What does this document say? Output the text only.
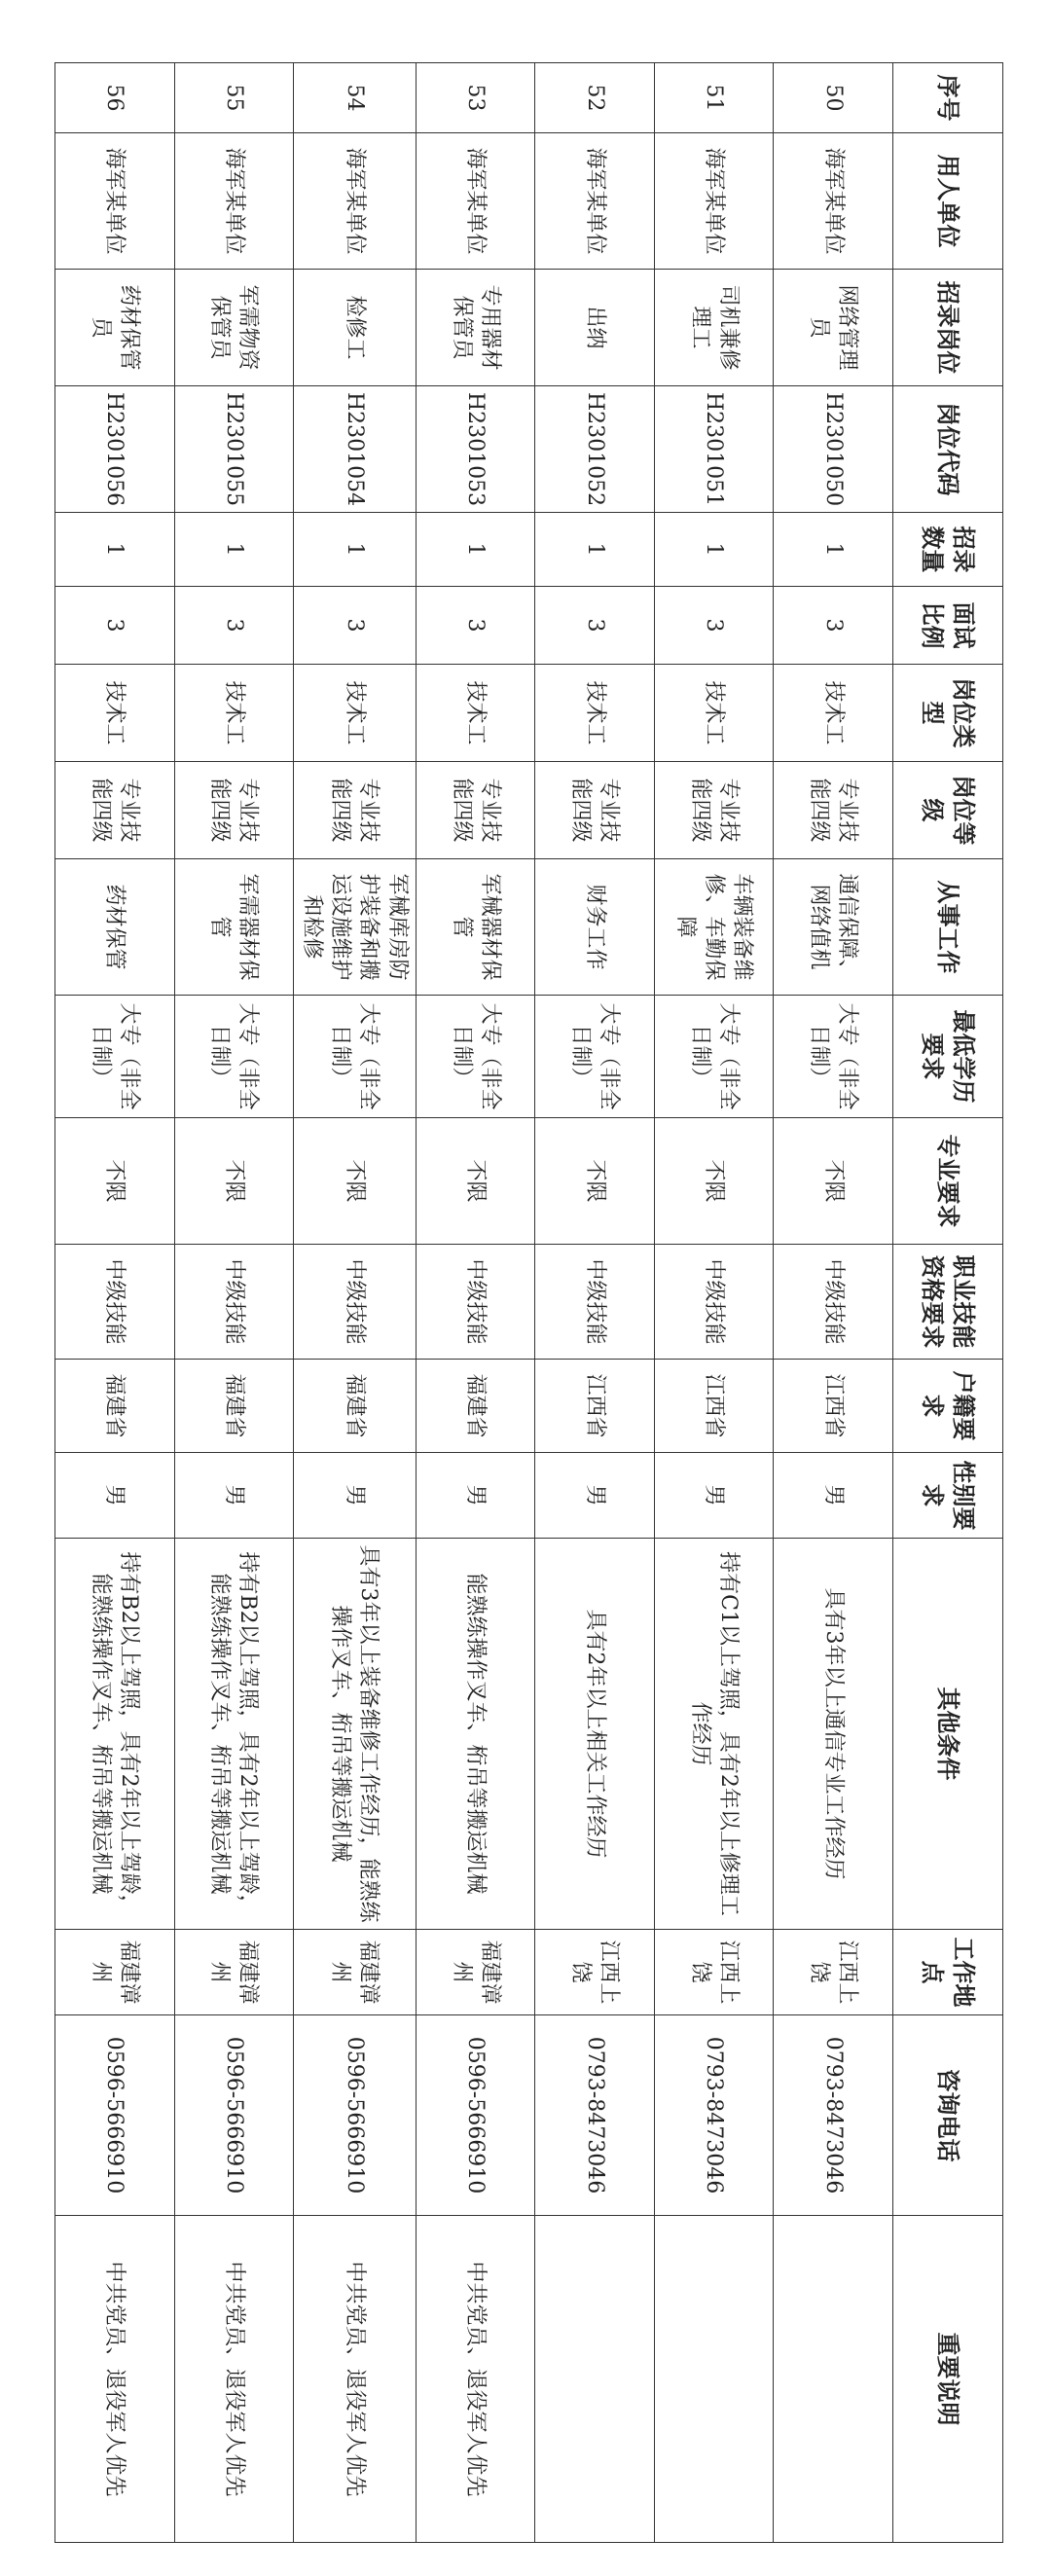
序号	用人单位	招录岗位	岗位代码	招录数量	面试比例	岗位类型	岗位等级	从事工作	最低学历要求	专业要求	职业技能资格要求	户籍要求	性别要求	其他条件	工作地点	咨询电话	重要说明
50	海军某单位	网络管理员	H2301050	1	3	技术工	专业技能四级	通信保障、网络值机	大专（非全日制）	不限	中级技能	江西省	男	具有3年以上通信专业工作经历	江西上饶	0793-8473046	
51	海军某单位	司机兼修理工	H2301051	1	3	技术工	专业技能四级	车辆装备维修、车勤保障	大专（非全日制）	不限	中级技能	江西省	男	持有C1以上驾照，具有2年以上修理工作经历	江西上饶	0793-8473046	
52	海军某单位	出纳	H2301052	1	3	技术工	专业技能四级	财务工作	大专（非全日制）	不限	中级技能	江西省	男	具有2年以上相关工作经历	江西上饶	0793-8473046	
53	海军某单位	专用器材保管员	H2301053	1	3	技术工	专业技能四级	军械器材保管	大专（非全日制）	不限	中级技能	福建省	男	能熟练操作叉车、桁吊等搬运机械	福建漳州	0596-5666910	中共党员、退役军人优先
54	海军某单位	检修工	H2301054	1	3	技术工	专业技能四级	军械库房防护装备和搬运设施维护和检修	大专（非全日制）	不限	中级技能	福建省	男	具有3年以上装备维修工作经历，能熟练操作叉车、桁吊等搬运机械	福建漳州	0596-5666910	中共党员、退役军人优先
55	海军某单位	军需物资保管员	H2301055	1	3	技术工	专业技能四级	军需器材保管	大专（非全日制）	不限	中级技能	福建省	男	持有B2以上驾照，具有2年以上驾龄，能熟练操作叉车、桁吊等搬运机械	福建漳州	0596-5666910	中共党员、退役军人优先
56	海军某单位	药材保管员	H2301056	1	3	技术工	专业技能四级	药材保管	大专（非全日制）	不限	中级技能	福建省	男	持有B2以上驾照，具有2年以上驾龄，能熟练操作叉车、桁吊等搬运机械	福建漳州	0596-5666910	中共党员、退役军人优先
